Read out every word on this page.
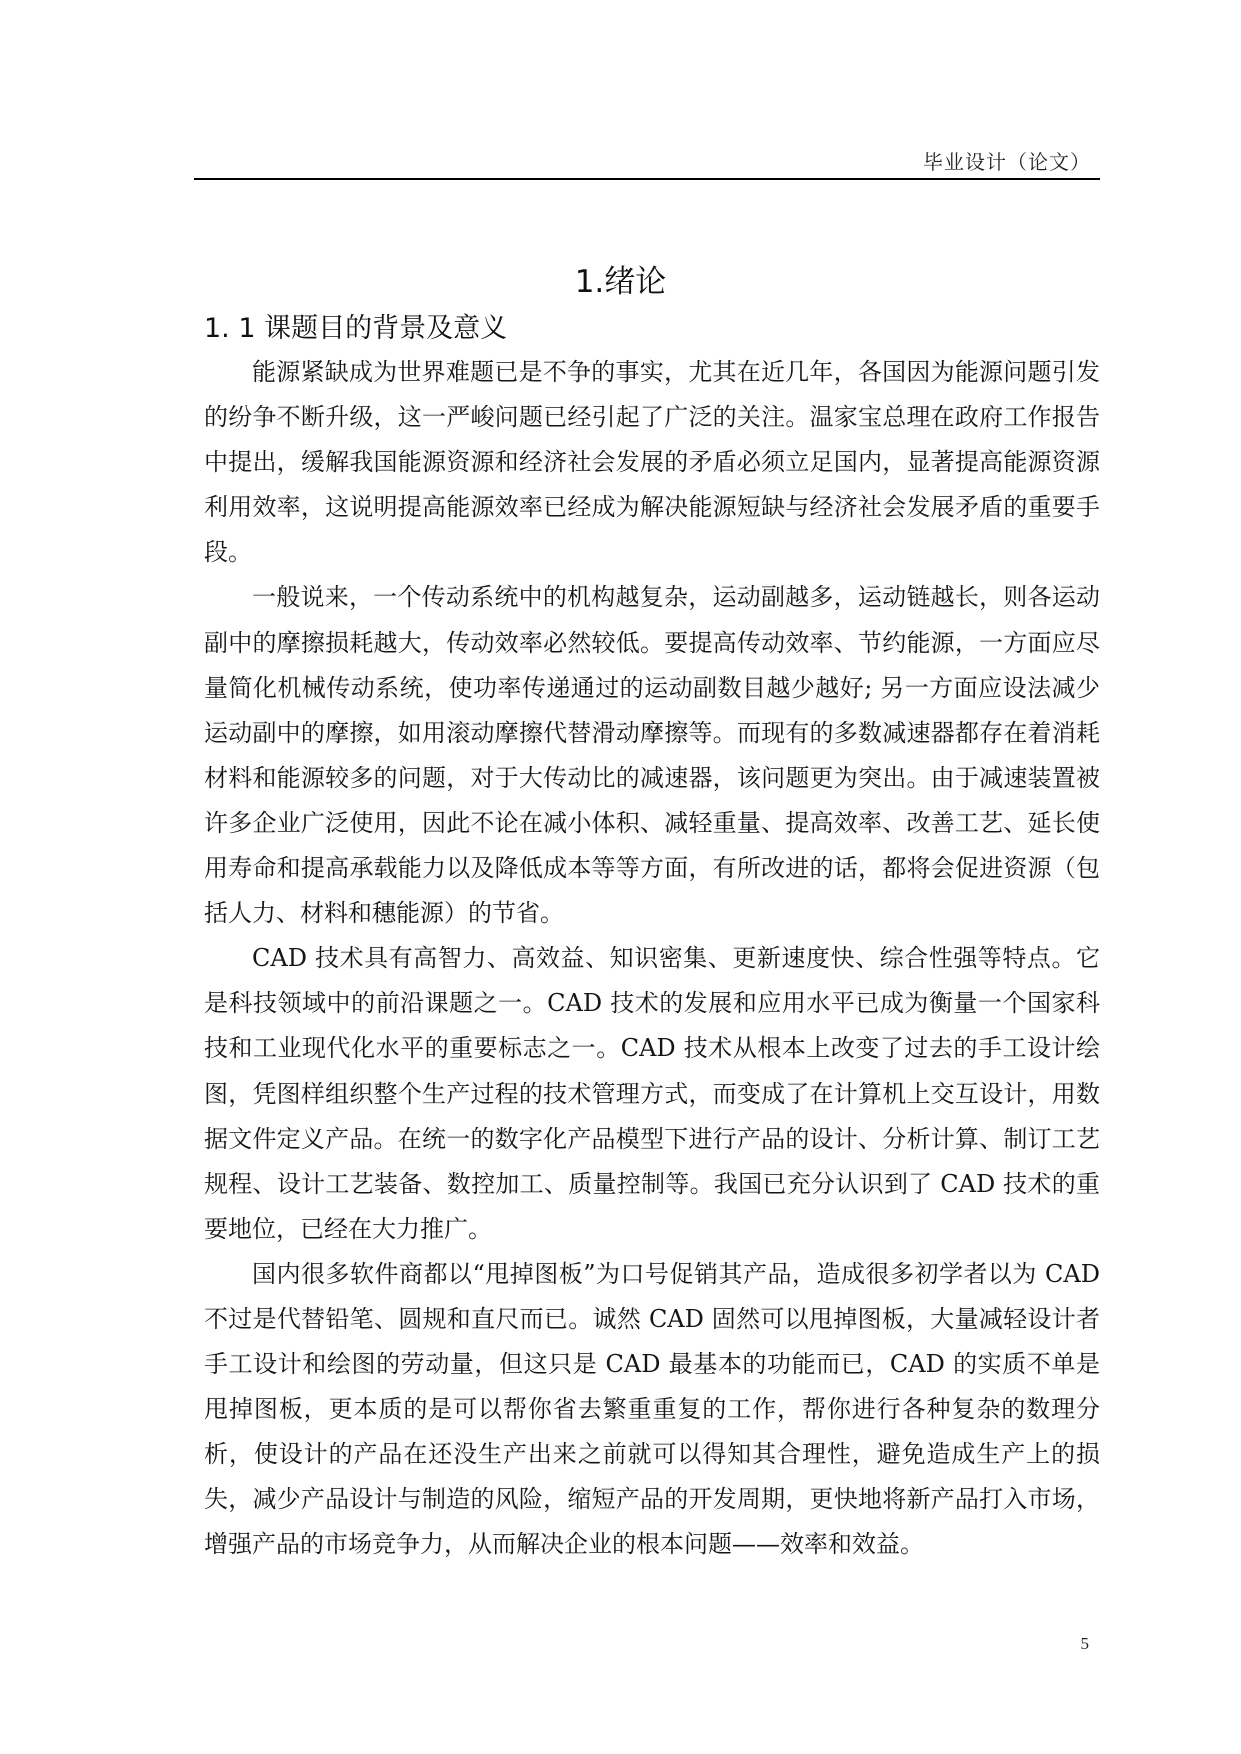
毕业设计（论文）
1.绪论
1. 1 课题目的背景及意义

能源紧缺成为世界难题已是不争的事实，尤其在近几年，各国因为能源问题引发的纷争不断升级，这一严峻问题已经引起了广泛的关注。温家宝总理在政府工作报告中提出，缓解我国能源资源和经济社会发展的矛盾必须立足国内，显著提高能源资源利用效率，这说明提高能源效率已经成为解决能源短缺与经济社会发展矛盾的重要手段。

一般说来，一个传动系统中的机构越复杂，运动副越多，运动链越长，则各运动副中的摩擦损耗越大，传动效率必然较低。要提高传动效率、节约能源，一方面应尽量简化机械传动系统，使功率传递通过的运动副数目越少越好; 另一方面应设法减少运动副中的摩擦，如用滚动摩擦代替滑动摩擦等。而现有的多数减速器都存在着消耗材料和能源较多的问题，对于大传动比的减速器，该问题更为突出。由于减速装置被许多企业广泛使用，因此不论在减小体积、减轻重量、提高效率、改善工艺、延长使用寿命和提高承载能力以及降低成本等等方面，有所改进的话，都将会促进资源（包括人力、材料和穗能源）的节省。

CAD 技术具有高智力、高效益、知识密集、更新速度快、综合性强等特点。它是科技领域中的前沿课题之一。CAD 技术的发展和应用水平已成为衡量一个国家科技和工业现代化水平的重要标志之一。CAD 技术从根本上改变了过去的手工设计绘图，凭图样组织整个生产过程的技术管理方式，而变成了在计算机上交互设计，用数据文件定义产品。在统一的数字化产品模型下进行产品的设计、分析计算、制订工艺规程、设计工艺装备、数控加工、质量控制等。我国已充分认识到了 CAD 技术的重要地位，已经在大力推广。

国内很多软件商都以“甩掉图板”为口号促销其产品，造成很多初学者以为 CAD 不过是代替铅笔、圆规和直尺而已。诚然 CAD 固然可以甩掉图板，大量减轻设计者手工设计和绘图的劳动量，但这只是 CAD 最基本的功能而已，CAD 的实质不单是甩掉图板，更本质的是可以帮你省去繁重重复的工作，帮你进行各种复杂的数理分析，使设计的产品在还没生产出来之前就可以得知其合理性，避免造成生产上的损失，减少产品设计与制造的风险，缩短产品的开发周期，更快地将新产品打入市场，增强产品的市场竞争力，从而解决企业的根本问题——效率和效益。

5
